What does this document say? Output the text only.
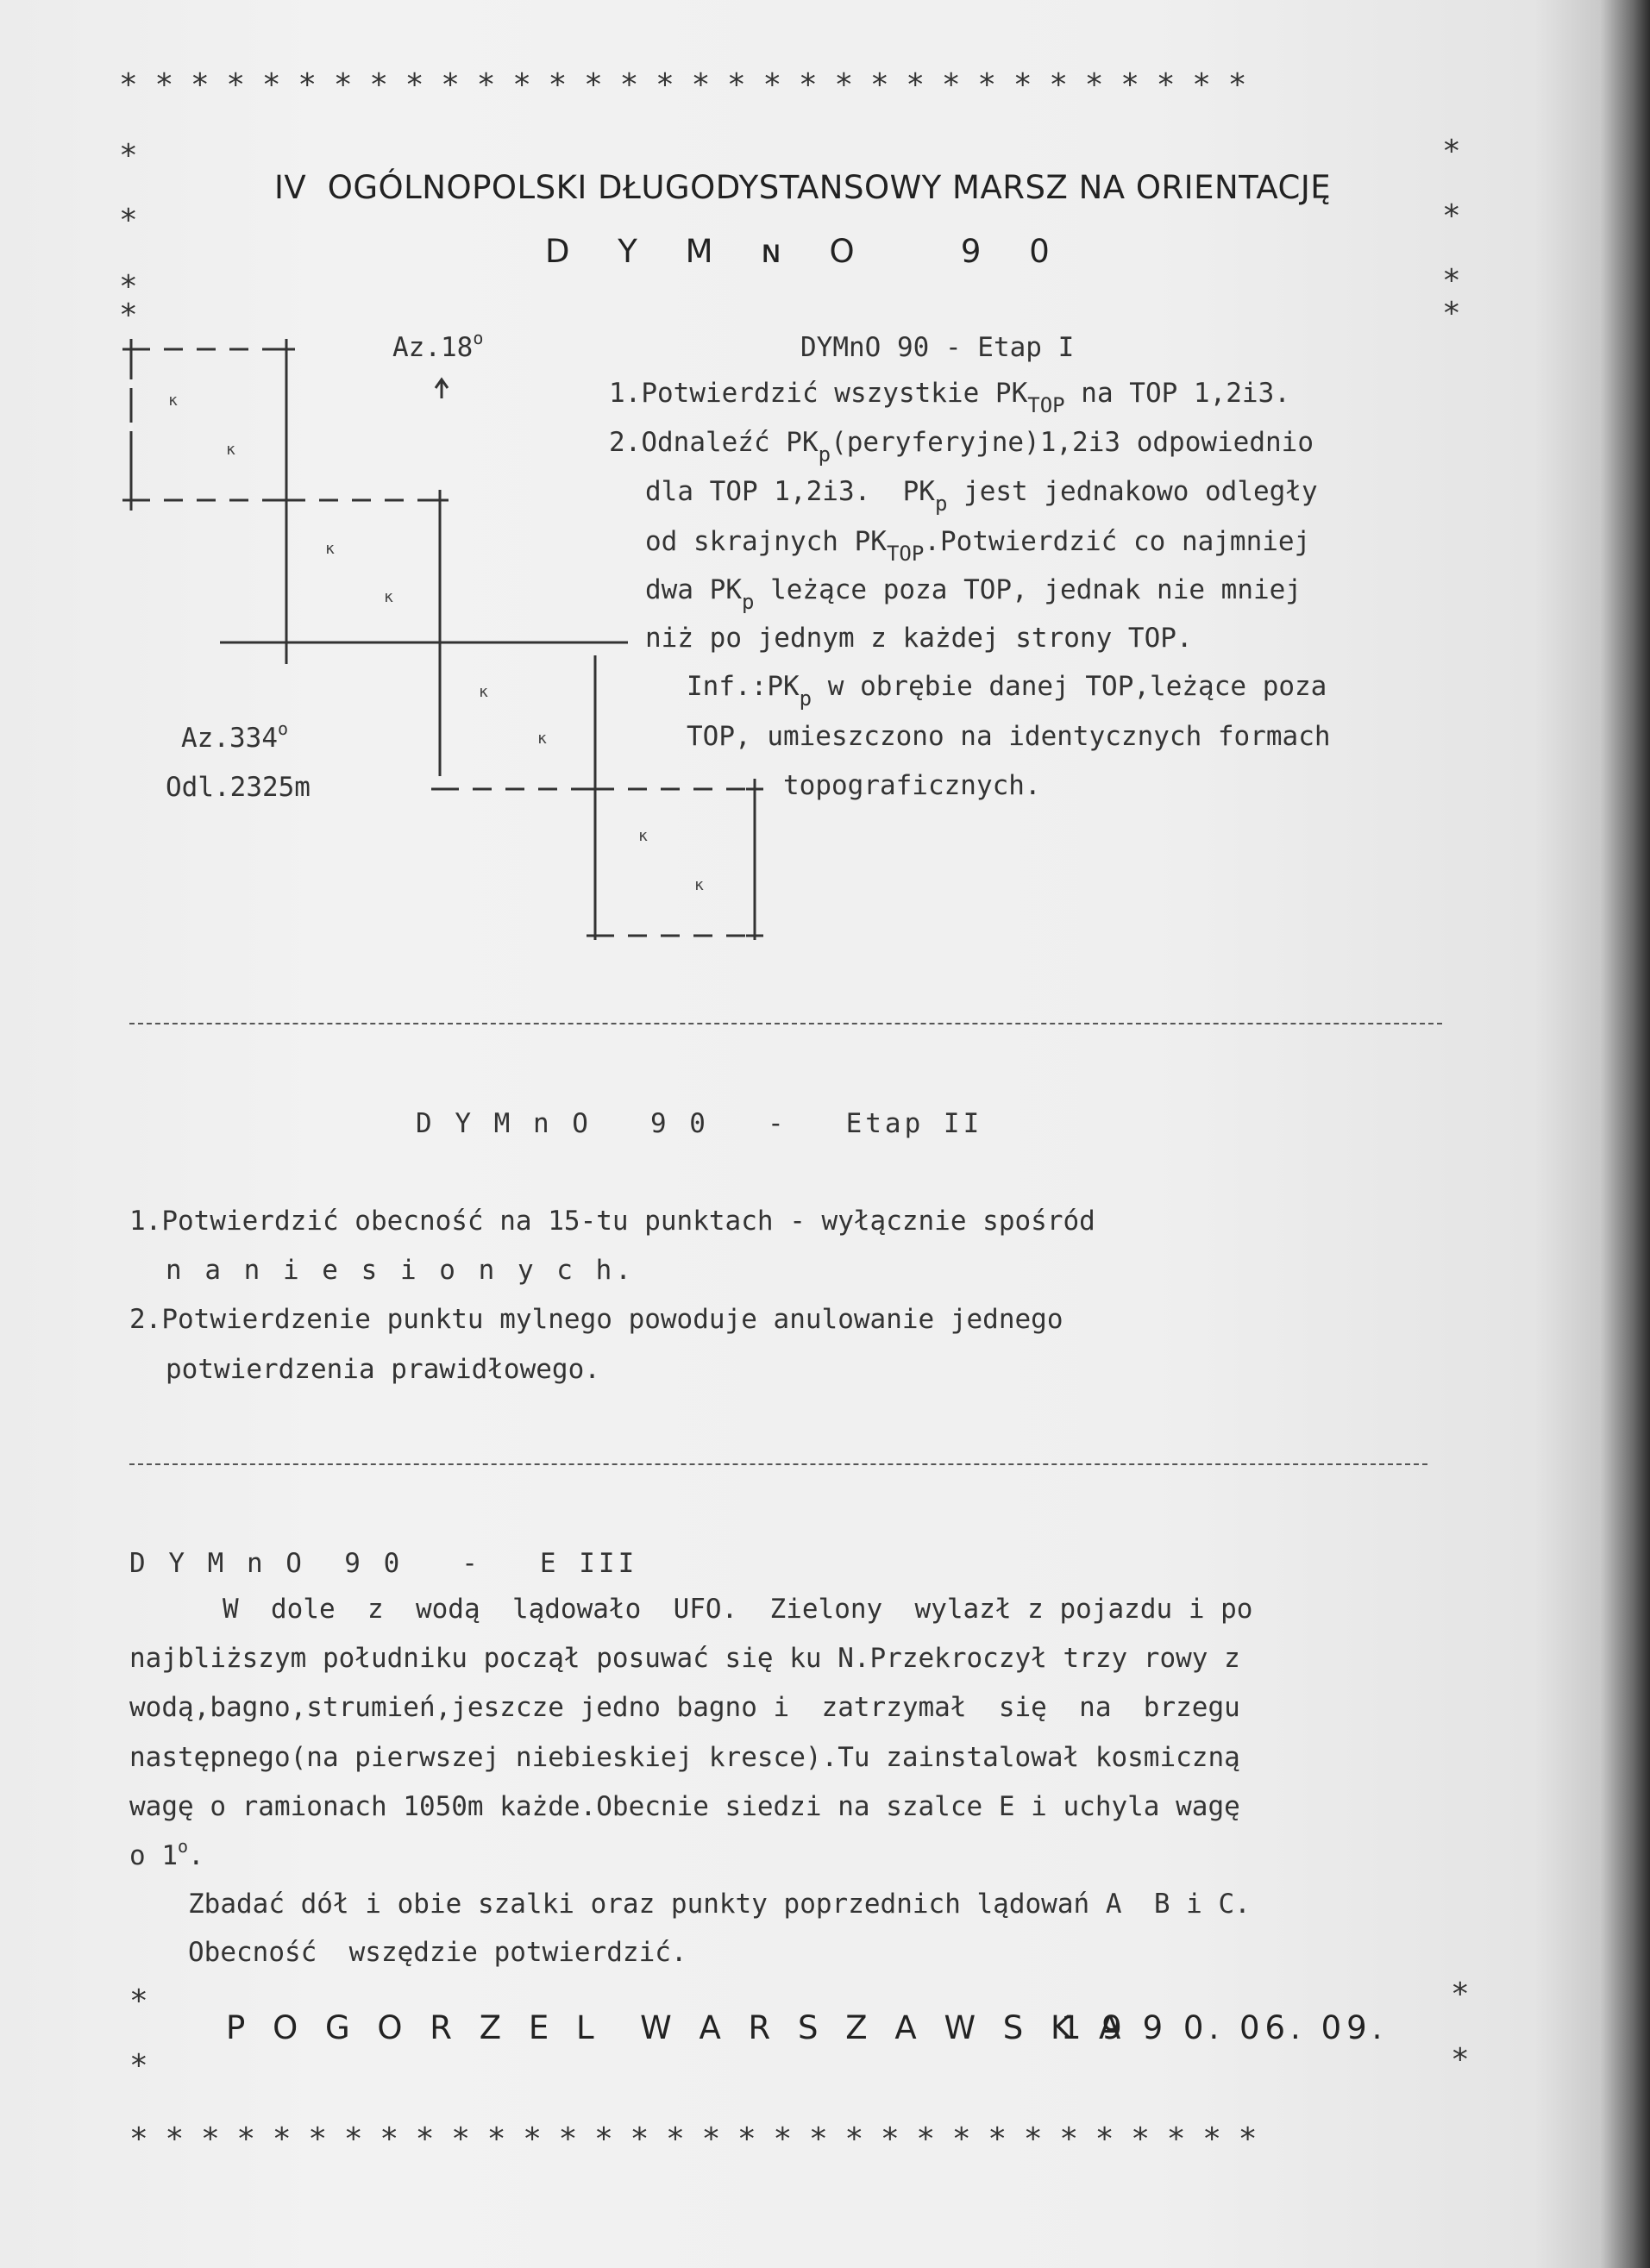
********************************
********************************
*
*
*
*
*
*
*
*
*
*
*
*
IV  OGÓLNOPOLSKI DŁUGODYSTANSOWY MARSZ NA ORIENTACJĘ
D Y M ɴ O   9 0
ĸ
ĸ
ĸ
ĸ
ĸ
ĸ
ĸ
ĸ
Az.18$^o$
Az.334$^o$
Odl.2325m
DYMnO 90 - Etap I
1.Potwierdzić wszystkie $PK_{TOP}$ na TOP 1,2i3.
2.Odnaleźć $PK_p(peryferyjne)1,2i3$ odpowiednio
dla TOP 1,2i3.  $PK_p$ jest jednakowo odległy
od skrajnych $PK_{TOP}.Potwierdzić$ co najmniej
dwa $PK_p$ leżące poza TOP, jednak nie mniej
niż po jednym z każdej strony TOP.
$Inf.:PK_p$ w obrębie danej TOP,leżące poza
TOP, umieszczono na identycznych formach
topograficznych.
D Y M n O   9 0   -   Etap II
1.Potwierdzić obecność na 15-tu punktach - wyłącznie spośród
n a n i e s i o n y c h.
2.Potwierdzenie punktu mylnego powoduje anulowanie jednego
potwierdzenia prawidłowego.
D Y M n O  9 0   -   E III
W  dole  z  wodą  lądowało  UFO.  Zielony  wylazł z pojazdu i po
najbliższym południku począł posuwać się ku N.Przekroczył trzy rowy z
wodą,bagno,strumień,jeszcze jedno bagno i  zatrzymał  się  na  brzegu
następnego(na pierwszej niebieskiej kresce).Tu zainstalował kosmiczną
wagę o ramionach 1050m każde.Obecnie siedzi na szalce E i uchyla wagę
o 1$^o$.
Zbadać dół i obie szalki oraz punkty poprzednich lądowań A  B i C.
Obecność  wszędzie potwierdzić.
P O G O R Z E L  W A R S Z A W S K A
1 9 9 0. 06. 09.
